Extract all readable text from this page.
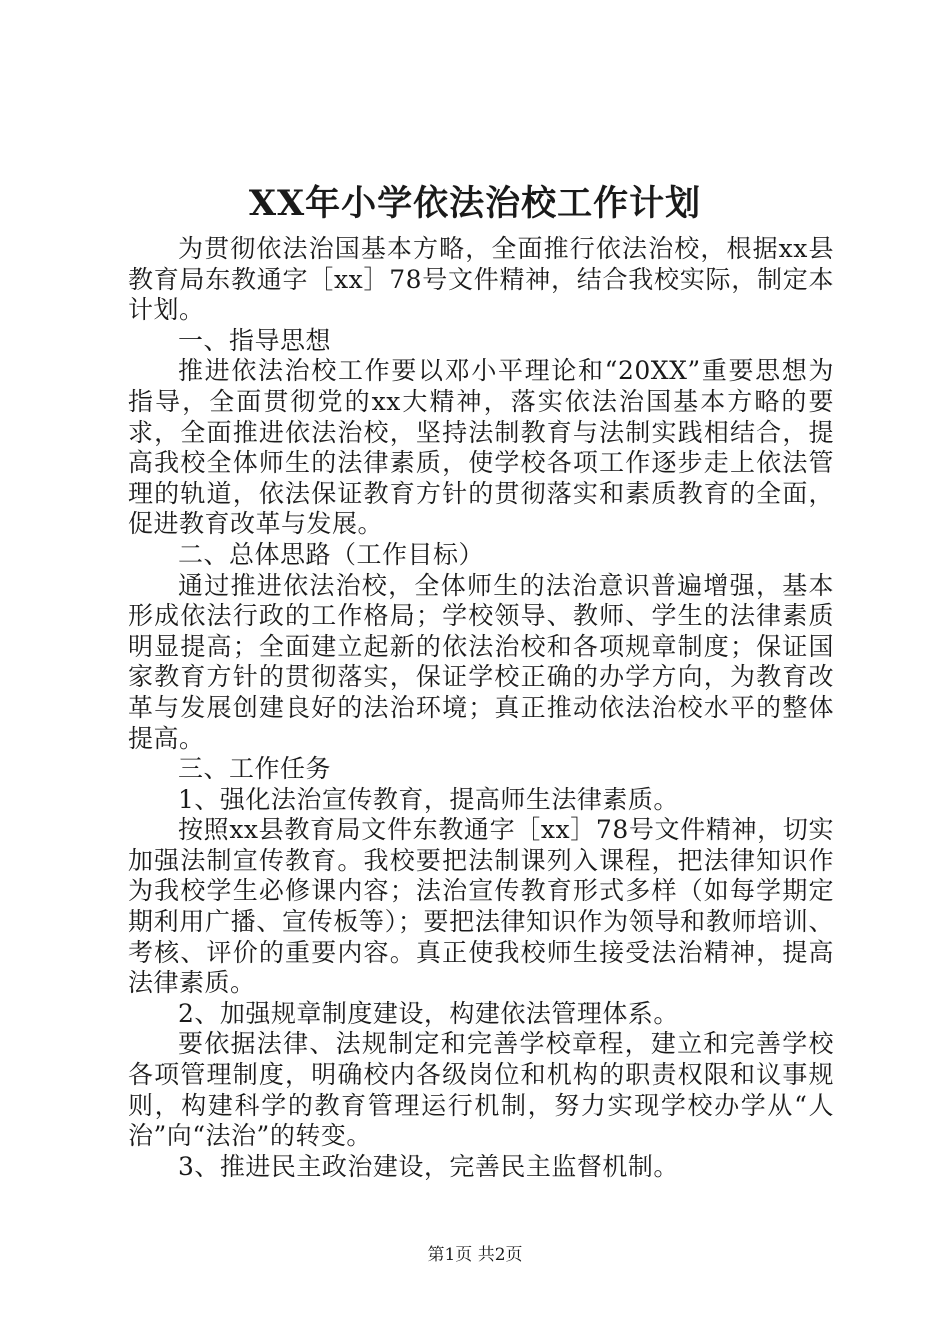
XX年小学依法治校工作计划

为贯彻依法治国基本方略，全面推行依法治校，根据xx县教育局东教通字［xx］78号文件精神，结合我校实际，制定本计划。

一、指导思想

推进依法治校工作要以邓小平理论和“20XX”重要思想为指导，全面贯彻党的xx大精神，落实依法治国基本方略的要求，全面推进依法治校，坚持法制教育与法制实践相结合，提高我校全体师生的法律素质，使学校各项工作逐步走上依法管理的轨道，依法保证教育方针的贯彻落实和素质教育的全面，促进教育改革与发展。

二、总体思路（工作目标）

通过推进依法治校，全体师生的法治意识普遍增强，基本形成依法行政的工作格局；学校领导、教师、学生的法律素质明显提高；全面建立起新的依法治校和各项规章制度；保证国家教育方针的贯彻落实，保证学校正确的办学方向，为教育改革与发展创建良好的法治环境；真正推动依法治校水平的整体提高。

三、工作任务

1、强化法治宣传教育，提高师生法律素质。

按照xx县教育局文件东教通字［xx］78号文件精神，切实加强法制宣传教育。我校要把法制课列入课程，把法律知识作为我校学生必修课内容；法治宣传教育形式多样（如每学期定期利用广播、宣传板等）；要把法律知识作为领导和教师培训、考核、评价的重要内容。真正使我校师生接受法治精神，提高法律素质。

2、加强规章制度建设，构建依法管理体系。

要依据法律、法规制定和完善学校章程，建立和完善学校各项管理制度，明确校内各级岗位和机构的职责权限和议事规则，构建科学的教育管理运行机制，努力实现学校办学从“人治”向“法治”的转变。

3、推进民主政治建设，完善民主监督机制。

第1页 共2页
